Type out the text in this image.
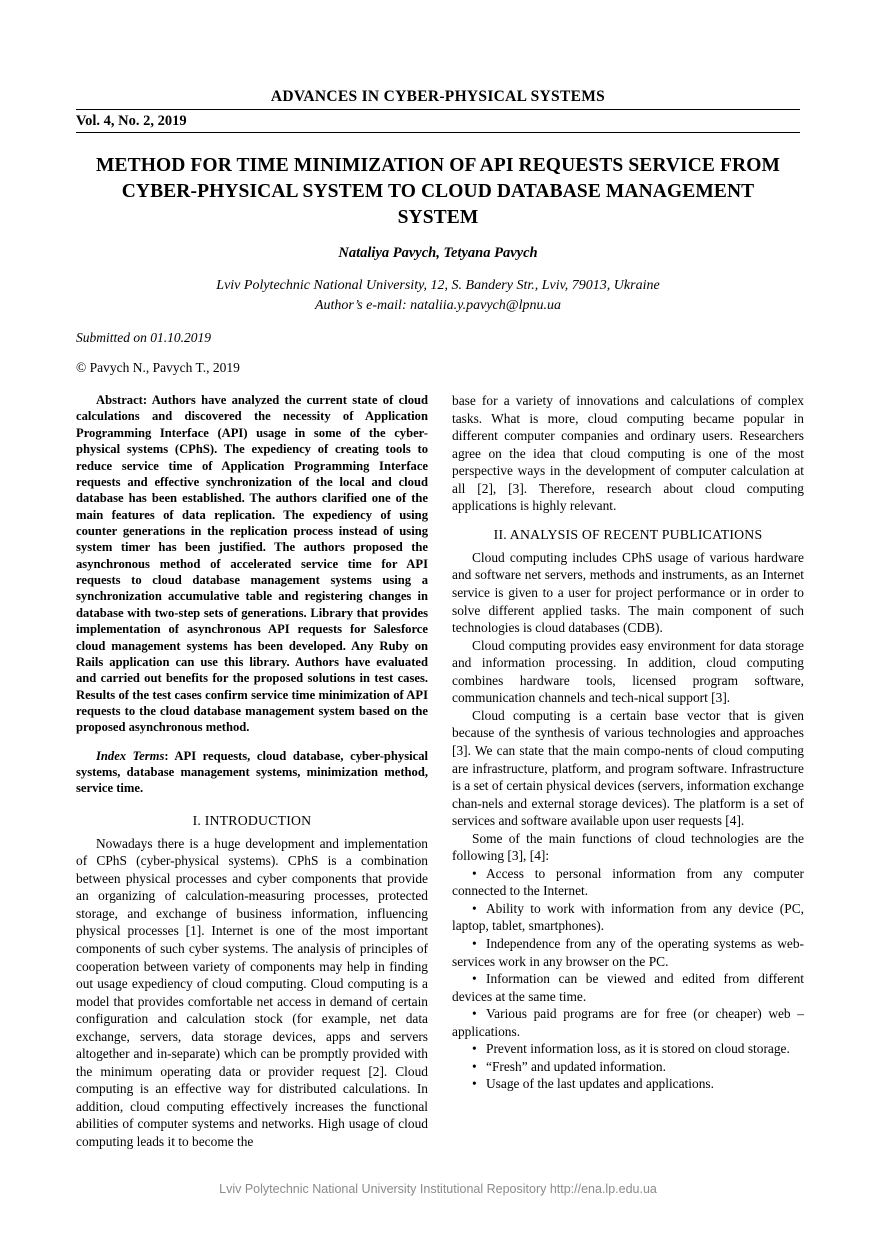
ADVANCES IN CYBER-PHYSICAL SYSTEMS
Vol. 4, No. 2, 2019
METHOD FOR TIME MINIMIZATION OF API REQUESTS SERVICE FROM CYBER-PHYSICAL SYSTEM TO CLOUD DATABASE MANAGEMENT SYSTEM
Nataliya Pavych, Tetyana Pavych
Lviv Polytechnic National University, 12, S. Bandery Str., Lviv, 79013, Ukraine
Author’s e-mail: nataliia.y.pavych@lpnu.ua
Submitted on 01.10.2019
© Pavych N., Pavych T., 2019

Abstract: Authors have analyzed the current state of cloud calculations and discovered the necessity of Application Programming Interface (API) usage in some of the cyber-physical systems (CPhS). The expediency of creating tools to reduce service time of Application Programming Interface requests and effective synchronization of the local and cloud database has been established. The authors clarified one of the main features of data replication. The expediency of using counter generations in the replication process instead of using system timer has been justified. The authors proposed the asynchronous method of accelerated service time for API requests to cloud database management systems using a synchronization accumulative table and registering changes in database with two-step sets of generations. Library that provides implementation of asynchronous API requests for Salesforce cloud management systems has been developed. Any Ruby on Rails application can use this library. Authors have evaluated and carried out benefits for the proposed solutions in test cases. Results of the test cases confirm service time minimization of API requests to the cloud database management system based on the proposed asynchronous method.

Index Terms: API requests, cloud database, cyber-physical systems, database management systems, minimization method, service time.

I. INTRODUCTION

Nowadays there is a huge development and implementation of CPhS (cyber-physical systems). CPhS is a combination between physical processes and cyber components that provide an organizing of calculation-measuring processes, protected storage, and exchange of business information, influencing physical processes [1]. Internet is one of the most important components of such cyber systems. The analysis of principles of cooperation between variety of components may help in finding out usage expediency of cloud computing. Cloud computing is a model that provides comfortable net access in demand of certain configuration and calculation stock (for example, net data exchange, servers, data storage devices, apps and servers altogether and in-separate) which can be promptly provided with the minimum operating data or provider request [2]. Cloud computing is an effective way for distributed calculations. In addition, cloud computing effectively increases the functional abilities of computer systems and networks. High usage of cloud computing leads it to become the

base for a variety of innovations and calculations of complex tasks. What is more, cloud computing became popular in different computer companies and ordinary users. Researchers agree on the idea that cloud computing is one of the most perspective ways in the development of computer calculation at all [2], [3]. Therefore, research about cloud computing applications is highly relevant.

II. ANALYSIS OF RECENT PUBLICATIONS

Cloud computing includes CPhS usage of various hardware and software net servers, methods and instruments, as an Internet service is given to a user for project performance or in order to solve different applied tasks. The main component of such technologies is cloud databases (CDB).

Cloud computing provides easy environment for data storage and information processing. In addition, cloud computing combines hardware tools, licensed program software, communication channels and tech-nical support [3].

Cloud computing is a certain base vector that is given because of the synthesis of various technologies and approaches [3]. We can state that the main compo-nents of cloud computing are infrastructure, platform, and program software. Infrastructure is a set of certain physical devices (servers, information exchange chan-nels and external storage devices). The platform is a set of services and software available upon user requests [4].

Some of the main functions of cloud technologies are the following [3], [4]:

• Access to personal information from any computer connected to the Internet.
• Ability to work with information from any device (PC, laptop, tablet, smartphones).
• Independence from any of the operating systems as web-services work in any browser on the PC.
• Information can be viewed and edited from different devices at the same time.
• Various paid programs are for free (or cheaper) web – applications.
• Prevent information loss, as it is stored on cloud storage.
• “Fresh” and updated information.
• Usage of the last updates and applications.
Lviv Polytechnic National University Institutional Repository http://ena.lp.edu.ua
